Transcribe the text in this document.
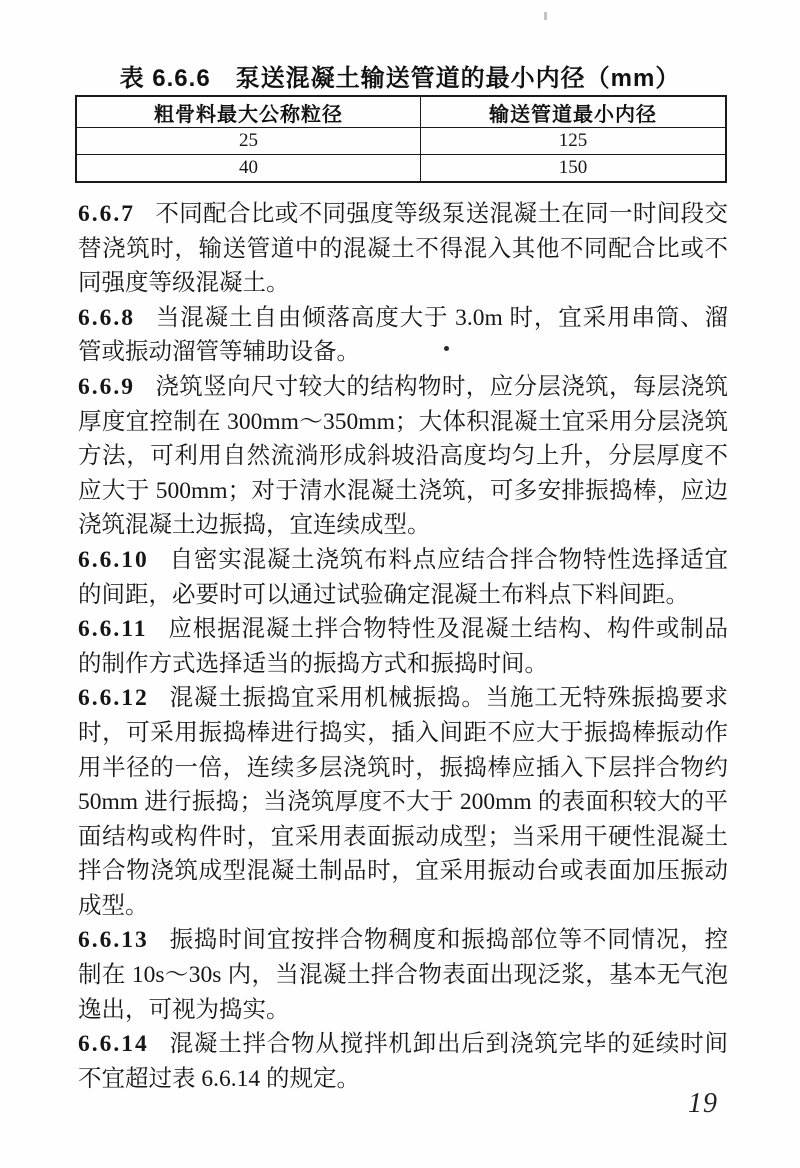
表 6.6.6　泵送混凝土输送管道的最小内径（mm）
粗骨料最大公称粒径	输送管道最小内径
25	125
40	150

6.6.7 不同配合比或不同强度等级泵送混凝土在同一时间段交替浇筑时，输送管道中的混凝土不得混入其他不同配合比或不同强度等级混凝土。

6.6.8 当混凝土自由倾落高度大于 3.0m 时，宜采用串筒、溜管或振动溜管等辅助设备。

6.6.9 浇筑竖向尺寸较大的结构物时，应分层浇筑，每层浇筑厚度宜控制在 300mm～350mm；大体积混凝土宜采用分层浇筑方法，可利用自然流淌形成斜坡沿高度均匀上升，分层厚度不应大于 500mm；对于清水混凝土浇筑，可多安排振捣棒，应边浇筑混凝土边振捣，宜连续成型。

6.6.10 自密实混凝土浇筑布料点应结合拌合物特性选择适宜的间距，必要时可以通过试验确定混凝土布料点下料间距。

6.6.11 应根据混凝土拌合物特性及混凝土结构、构件或制品的制作方式选择适当的振捣方式和振捣时间。

6.6.12 混凝土振捣宜采用机械振捣。当施工无特殊振捣要求时，可采用振捣棒进行捣实，插入间距不应大于振捣棒振动作用半径的一倍，连续多层浇筑时，振捣棒应插入下层拌合物约 50mm 进行振捣；当浇筑厚度不大于 200mm 的表面积较大的平面结构或构件时，宜采用表面振动成型；当采用干硬性混凝土拌合物浇筑成型混凝土制品时，宜采用振动台或表面加压振动成型。

6.6.13 振捣时间宜按拌合物稠度和振捣部位等不同情况，控制在 10s～30s 内，当混凝土拌合物表面出现泛浆，基本无气泡逸出，可视为捣实。

6.6.14 混凝土拌合物从搅拌机卸出后到浇筑完毕的延续时间不宜超过表 6.6.14 的规定。

19
